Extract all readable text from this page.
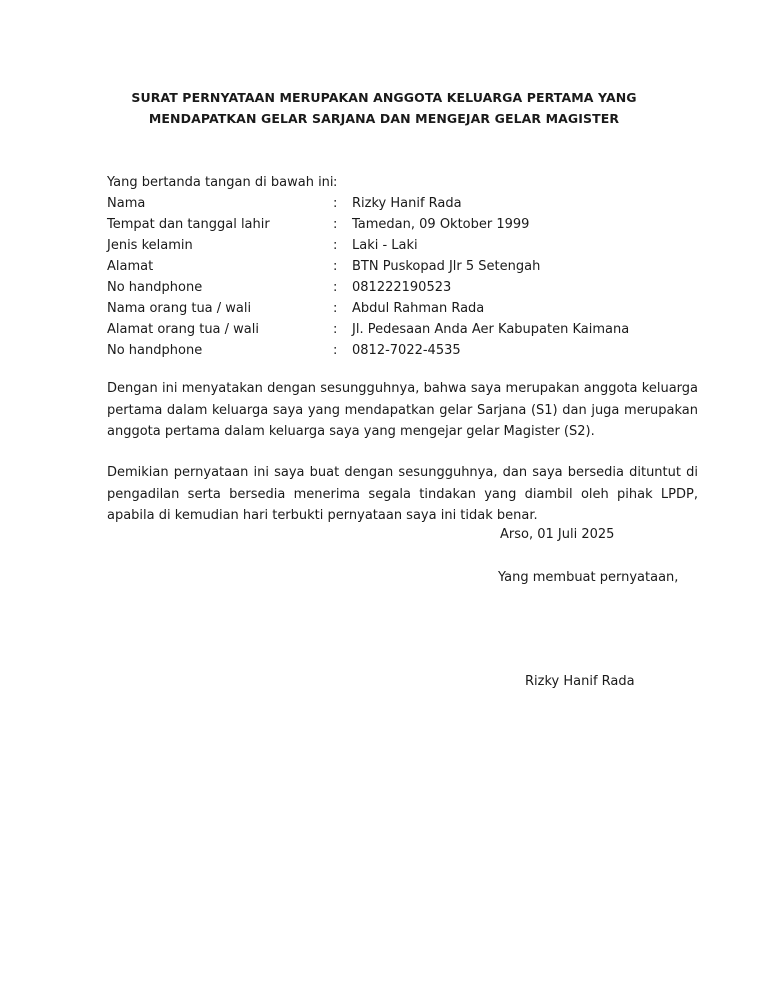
SURAT PERNYATAAN MERUPAKAN ANGGOTA KELUARGA PERTAMA YANG
MENDAPATKAN GELAR SARJANA DAN MENGEJAR GELAR MAGISTER
Yang bertanda tangan di bawah ini :
Nama	: Rizky Hanif Rada
Tempat dan tanggal lahir	: Tamedan, 09 Oktober 1999
Jenis kelamin	: Laki - Laki
Alamat	: BTN Puskopad Jlr 5 Setengah
No handphone	: 081222190523
Nama orang tua / wali	: Abdul Rahman Rada
Alamat orang tua / wali	: Jl. Pedesaan Anda Aer Kabupaten Kaimana
No handphone	: 0812-7022-4535
Dengan ini menyatakan dengan sesungguhnya, bahwa saya merupakan anggota keluarga pertama dalam keluarga saya yang mendapatkan gelar Sarjana (S1) dan juga merupakan anggota pertama dalam keluarga saya yang mengejar gelar Magister (S2).
Demikian pernyataan ini saya buat dengan sesungguhnya, dan saya bersedia dituntut di pengadilan serta bersedia menerima segala tindakan yang diambil oleh pihak LPDP, apabila di kemudian hari terbukti pernyataan saya ini tidak benar.
Arso, 01 Juli 2025
Yang membuat pernyataan,
Rizky Hanif Rada
